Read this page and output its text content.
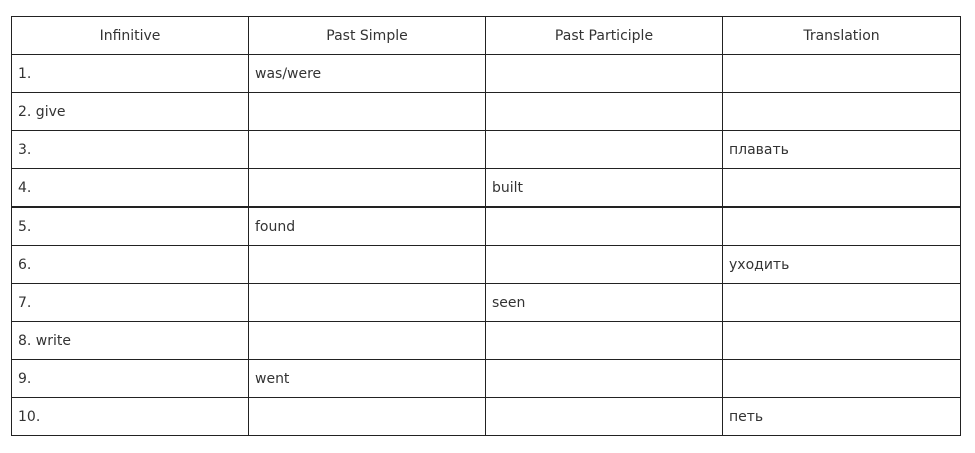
Infinitive	Past Simple	Past Participle	Translation
1.	was/were		
2. give			
3.			плавать
4.		built	
5.	found		
6.			уходить
7.		seen	
8. write			
9.	went		
10.			петь
